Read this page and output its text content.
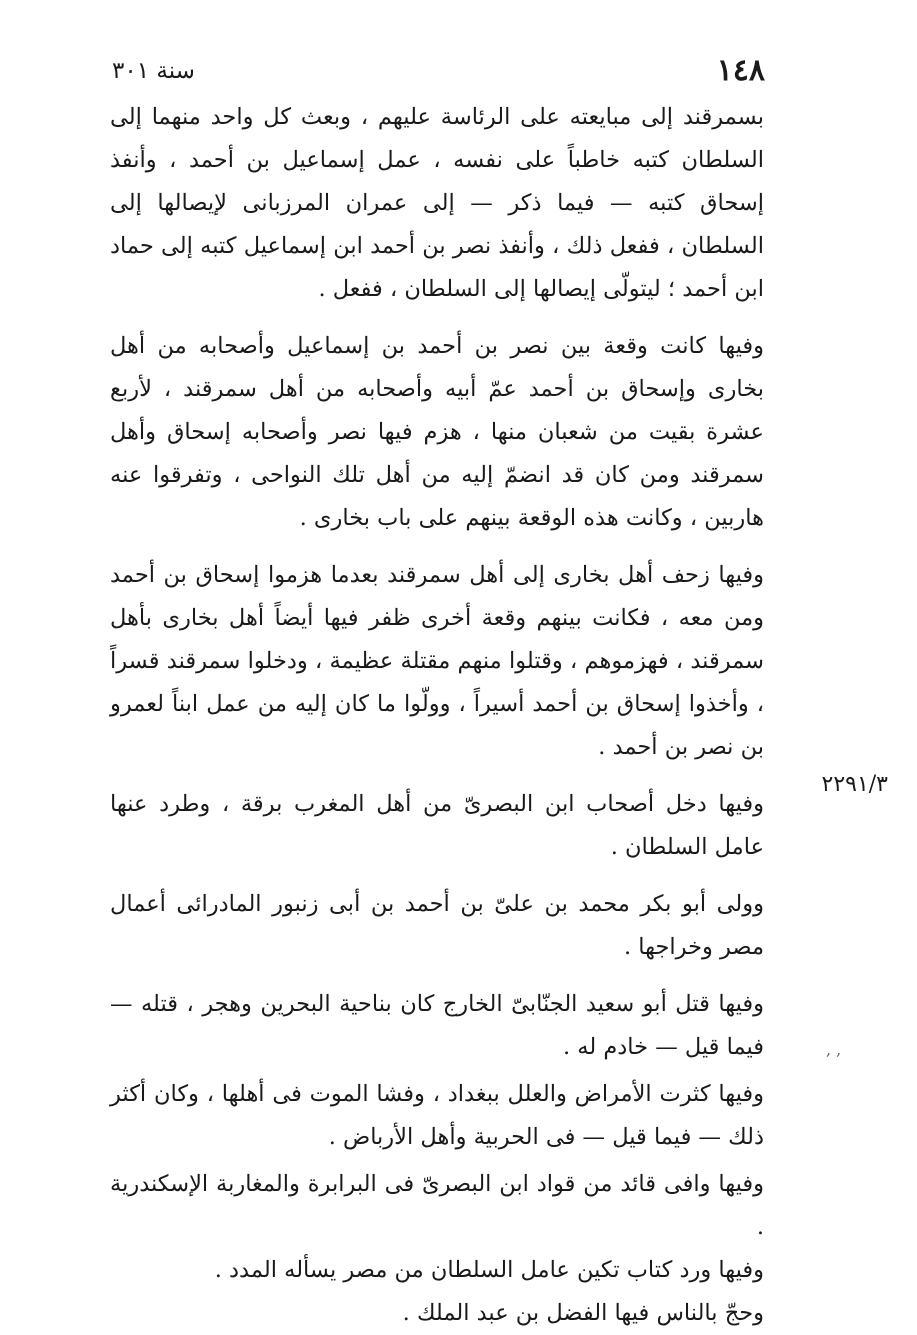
١٤٨
سنة ٣٠١

بسمرقند إلى مبايعته على الرئاسة عليهم ، وبعث كل واحد منهما إلى السلطان كتبه خاطباً على نفسه ، عمل إسماعيل بن أحمد ، وأنفذ إسحاق كتبه — فيما ذكر — إلى عمران المرزبانى لإيصالها إلى السلطان ، ففعل ذلك ، وأنفذ نصر بن أحمد ابن إسماعيل كتبه إلى حماد ابن أحمد ؛ ليتولّى إيصالها إلى السلطان ، ففعل .

وفيها كانت وقعة بين نصر بن أحمد بن إسماعيل وأصحابه من أهل بخارى وإسحاق بن أحمد عمّ أبيه وأصحابه من أهل سمرقند ، لأربع عشرة بقيت من شعبان منها ، هزم فيها نصر وأصحابه إسحاق وأهل سمرقند ومن كان قد انضمّ إليه من أهل تلك النواحى ، وتفرقوا عنه هاربين ، وكانت هذه الوقعة بينهم على باب بخارى .

وفيها زحف أهل بخارى إلى أهل سمرقند بعدما هزموا إسحاق بن أحمد ومن معه ، فكانت بينهم وقعة أخرى ظفر فيها أيضاً أهل بخارى بأهل سمرقند ، فهزموهم ، وقتلوا منهم مقتلة عظيمة ، ودخلوا سمرقند قسراً ، وأخذوا إسحاق بن أحمد أسيراً ، وولّوا ما كان إليه من عمل ابناً لعمرو بن نصر بن أحمد .

وفيها دخل أصحاب ابن البصرىّ من أهل المغرب برقة ، وطرد عنها عامل السلطان .

وولى أبو بكر محمد بن علىّ بن أحمد بن أبى زنبور المادرائى أعمال مصر وخراجها .

وفيها قتل أبو سعيد الجنّابىّ الخارج كان بناحية البحرين وهجر ، قتله — فيما قيل — خادم له .

وفيها كثرت الأمراض والعلل ببغداد ، وفشا الموت فى أهلها ، وكان أكثر ذلك — فيما قيل — فى الحربية وأهل الأرباض .

وفيها وافى قائد من قواد ابن البصرىّ فى البرابرة والمغاربة الإسكندرية .

وفيها ورد كتاب تكين عامل السلطان من مصر يسأله المدد .

وحجّ بالناس فيها الفضل بن عبد الملك .

٢٢٩١/٣
, ,
